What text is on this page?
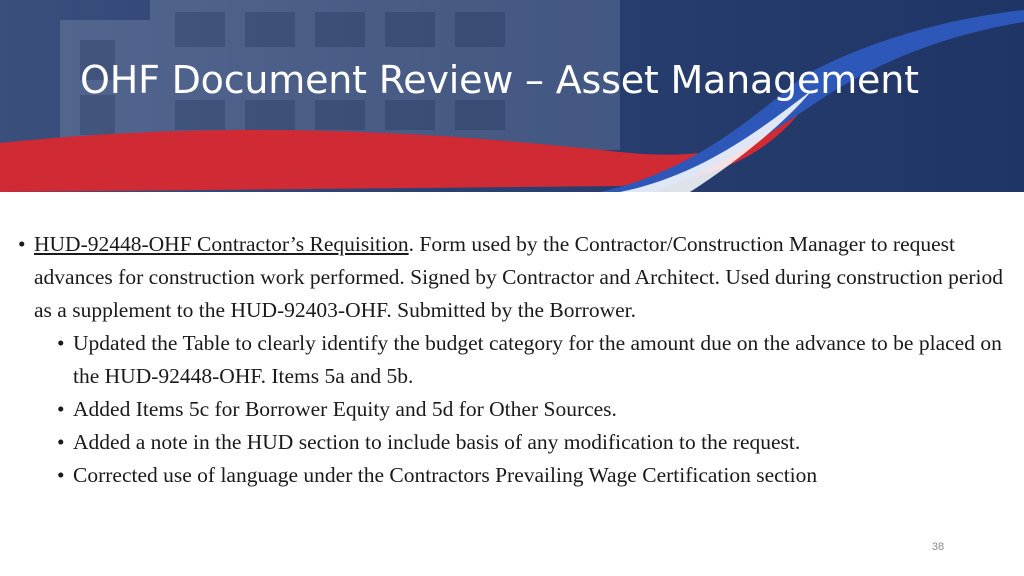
OHF Document Review – Asset Management
• HUD-92448-OHF Contractor’s Requisition. Form used by the Contractor/Construction Manager to request advances for construction work performed. Signed by Contractor and Architect. Used during construction period as a supplement to the HUD-92403-OHF. Submitted by the Borrower.
• Updated the Table to clearly identify the budget category for the amount due on the advance to be placed on the HUD-92448-OHF. Items 5a and 5b.
• Added Items 5c for Borrower Equity and 5d for Other Sources.
• Added a note in the HUD section to include basis of any modification to the request.
• Corrected use of language under the Contractors Prevailing Wage Certification section
38
